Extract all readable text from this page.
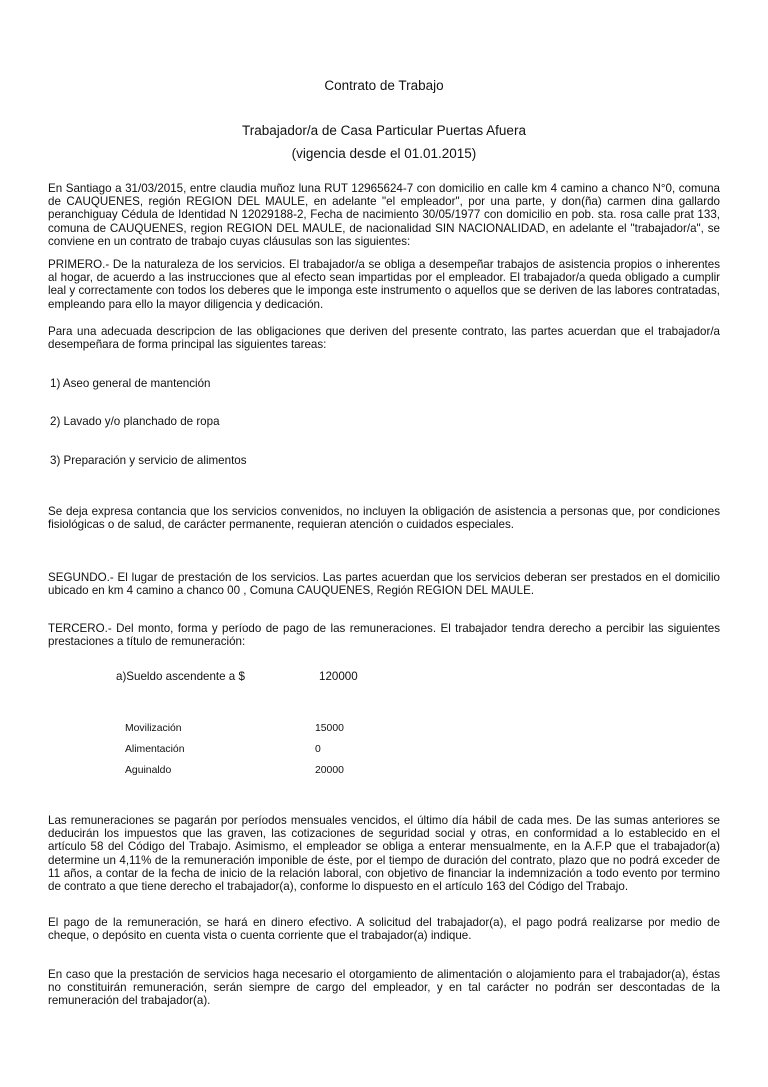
Contrato de Trabajo

Trabajador/a de Casa Particular Puertas Afuera

(vigencia desde el 01.01.2015)

En Santiago a 31/03/2015, entre claudia muñoz luna RUT 12965624-7 con domicilio en calle km 4 camino a chanco N°0, comuna de CAUQUENES, región REGION DEL MAULE, en adelante "el empleador", por una parte, y don(ña) carmen dina gallardo peranchiguay Cédula de Identidad N 12029188-2, Fecha de nacimiento 30/05/1977 con domicilio en pob. sta. rosa calle prat 133, comuna de CAUQUENES, region REGION DEL MAULE, de nacionalidad SIN NACIONALIDAD, en adelante el "trabajador/a", se conviene en un contrato de trabajo cuyas cláusulas son las siguientes:

PRIMERO.- De la naturaleza de los servicios. El trabajador/a se obliga a desempeñar trabajos de asistencia propios o inherentes al hogar, de acuerdo a las instrucciones que al efecto sean impartidas por el empleador. El trabajador/a queda obligado a cumplir leal y correctamente con todos los deberes que le imponga este instrumento o aquellos que se deriven de las labores contratadas, empleando para ello la mayor diligencia y dedicación.

Para una adecuada descripcion de las obligaciones que deriven del presente contrato, las partes acuerdan que el trabajador/a desempeñara de forma principal las siguientes tareas:

1) Aseo general de mantención

2) Lavado y/o planchado de ropa

3) Preparación y servicio de alimentos

Se deja expresa contancia que los servicios convenidos, no incluyen la obligación de asistencia a personas que, por condiciones fisiológicas o de salud, de carácter permanente, requieran atención o cuidados especiales.

SEGUNDO.- El lugar de prestación de los servicios. Las partes acuerdan que los servicios deberan ser prestados en el domicilio ubicado en km 4 camino a chanco 00 , Comuna CAUQUENES, Región REGION DEL MAULE.

TERCERO.- Del monto, forma y período de pago de las remuneraciones. El trabajador tendra derecho a percibir las siguientes prestaciones a título de remuneración:

a)Sueldo ascendente a $	120000
Movilización	15000
Alimentación	0
Aguinaldo	20000

Las remuneraciones se pagarán por períodos mensuales vencidos, el último día hábil de cada mes. De las sumas anteriores se deducirán los impuestos que las graven, las cotizaciones de seguridad social y otras, en conformidad a lo establecido en el artículo 58 del Código del Trabajo. Asimismo, el empleador se obliga a enterar mensualmente, en la A.F.P que el trabajador(a) determine un 4,11% de la remuneración imponible de éste, por el tiempo de duración del contrato, plazo que no podrá exceder de 11 años, a contar de la fecha de inicio de la relación laboral, con objetivo de financiar la indemnización a todo evento por termino de contrato a que tiene derecho el trabajador(a), conforme lo dispuesto en el artículo 163 del Código del Trabajo.

El pago de la remuneración, se hará en dinero efectivo. A solicitud del trabajador(a), el pago podrá realizarse por medio de cheque, o depósito en cuenta vista o cuenta corriente que el trabajador(a) indique.

En caso que la prestación de servicios haga necesario el otorgamiento de alimentación o alojamiento para el trabajador(a), éstas no constituirán remuneración, serán siempre de cargo del empleador, y en tal carácter no podrán ser descontadas de la remuneración del trabajador(a).
